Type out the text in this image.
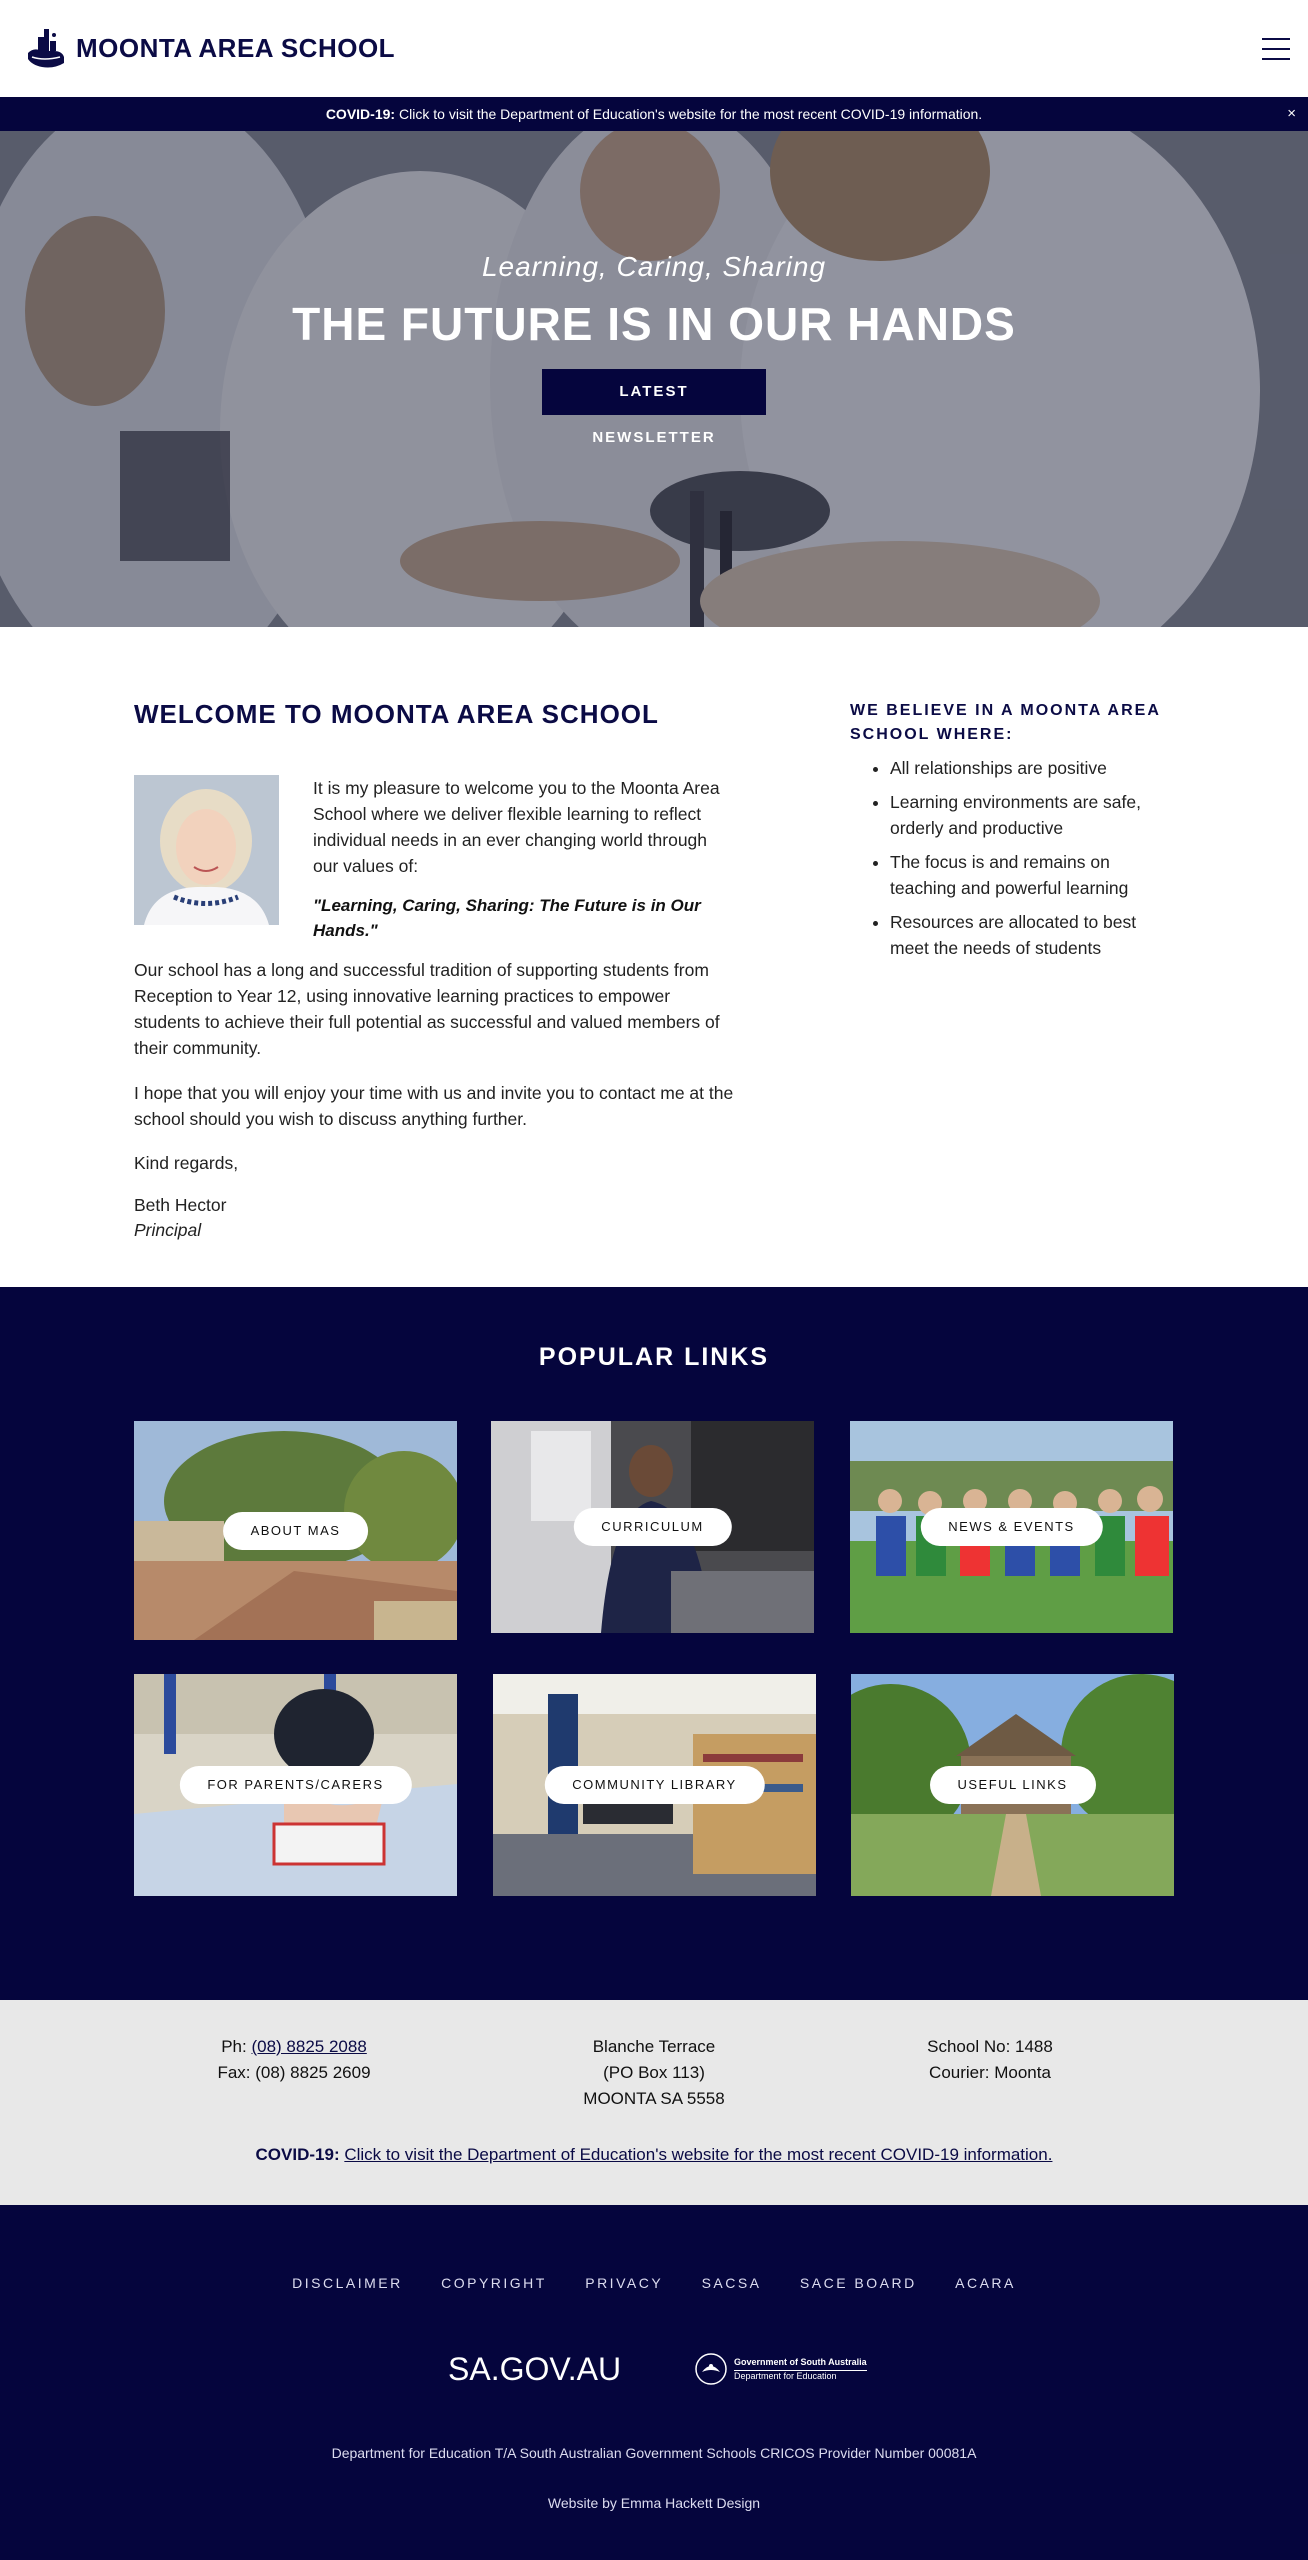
MOONTA AREA SCHOOL
COVID-19: Click to visit the Department of Education's website for the most recent COVID-19 information.	×
Learning, Caring, Sharing
THE FUTURE IS IN OUR HANDS
LATEST NEWSLETTER
WELCOME TO MOONTA AREA SCHOOL
It is my pleasure to welcome you to the Moonta Area School where we deliver flexible learning to reflect individual needs in an ever changing world through our values of:
"Learning, Caring, Sharing: The Future is in Our Hands."

Our school has a long and successful tradition of supporting students from Reception to Year 12, using innovative learning practices to empower students to achieve their full potential as successful and valued members of their community.

I hope that you will enjoy your time with us and invite you to contact me at the school should you wish to discuss anything further.

Kind regards,

Beth Hector

Principal

WE BELIEVE IN A MOONTA AREA SCHOOL WHERE:
• All relationships are positive
• Learning environments are safe, orderly and productive
• The focus is and remains on teaching and powerful learning
• Resources are allocated to best meet the needs of students
POPULAR LINKS
ABOUT MAS	CURRICULUM	NEWS & EVENTS
FOR PARENTS/CARERS	COMMUNITY LIBRARY	USEFUL LINKS
Ph: (08) 8825 2088
Fax: (08) 8825 2609
Blanche Terrace
(PO Box 113)
MOONTA SA 5558
School No: 1488
Courier: Moonta
COVID-19: Click to visit the Department of Education's website for the most recent COVID-19 information.
DISCLAIMER	COPYRIGHT	PRIVACY	SACSA	SACE BOARD	ACARA
SA.GOV.AU	Government of South Australia
Department for Education
Department for Education T/A South Australian Government Schools CRICOS Provider Number 00081A
Website by Emma Hackett Design
